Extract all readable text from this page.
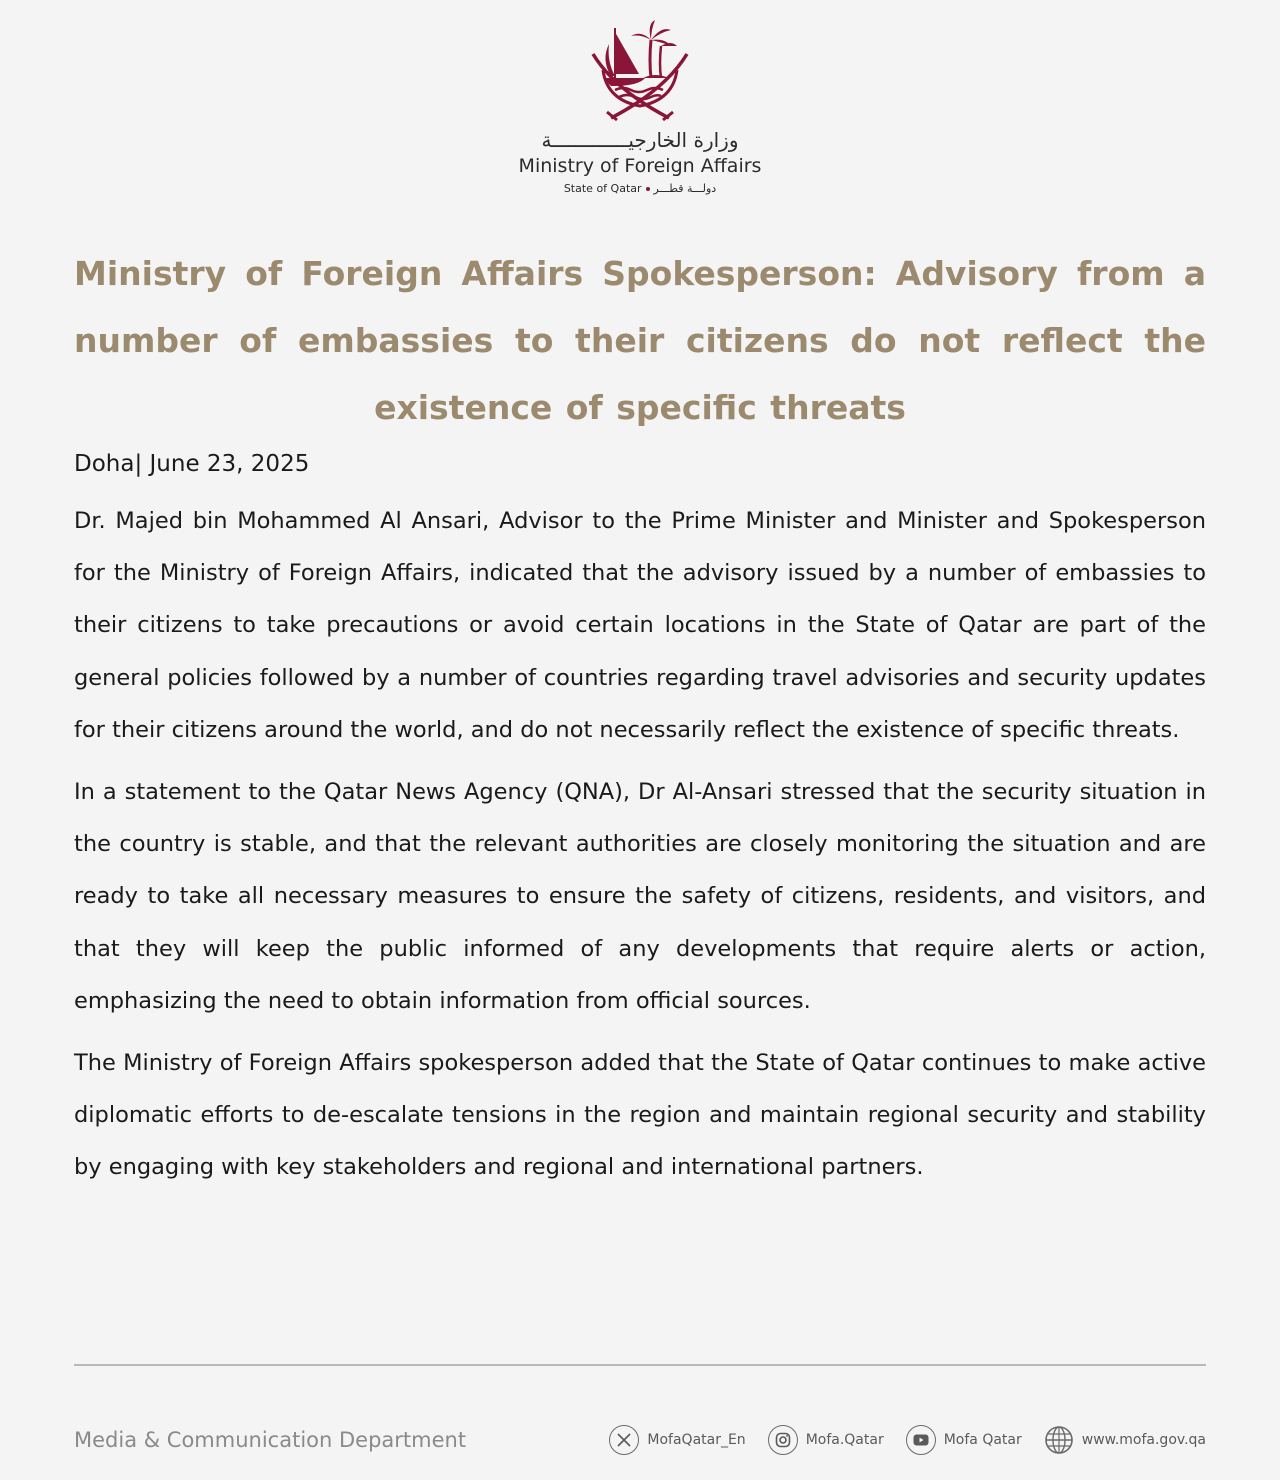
وزارة الخارجيـــــــــــــة
Ministry of Foreign Affairs
State of Qatar دولـــة قطـــر
Ministry of Foreign Affairs Spokesperson: Advisory from a number of embassies to their citizens do not reflect the existence of specific threats

Doha| June 23, 2025

Dr. Majed bin Mohammed Al Ansari, Advisor to the Prime Minister and Minister and Spokesperson for the Ministry of Foreign Affairs, indicated that the advisory issued by a number of embassies to their citizens to take precautions or avoid certain locations in the State of Qatar are part of the general policies followed by a number of countries regarding travel advisories and security updates for their citizens around the world, and do not necessarily reflect the existence of specific threats.

In a statement to the Qatar News Agency (QNA), Dr Al-Ansari stressed that the security situation in the country is stable, and that the relevant authorities are closely monitoring the situation and are ready to take all necessary measures to ensure the safety of citizens, residents, and visitors, and that they will keep the public informed of any developments that require alerts or action, emphasizing the need to obtain information from official sources.

The Ministry of Foreign Affairs spokesperson added that the State of Qatar continues to make active diplomatic efforts to de-escalate tensions in the region and maintain regional security and stability by engaging with key stakeholders and regional and international partners.

Media & Communication Department	MofaQatar_En	Mofa.Qatar	Mofa Qatar	www.mofa.gov.qa
